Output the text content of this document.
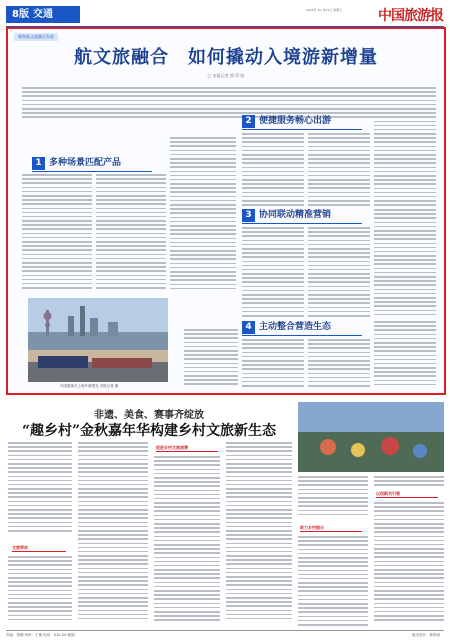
8版 交通	2025年 10 月31日 星期五	中国旅游报
聚焦航文旅融合发展
航文旅融合　如何撬动入境游新增量
□ 本报记者 徐 印 同
1 多种场景匹配产品
2 便捷服务畅心出游
3 协同联动精准营销
4 主动整合营造生态
外国游客在上海外滩观光 本报记者 摄
非遗、美食、赛事齐绽放
“趣乡村”金秋嘉年华构建乡村文旅新生态
文旅带动
促进乡村文旅消费
助力乡村振兴
以创新为引领
责编：张顺 终审：王敏 电话：010-XX 邮箱：	版式设计：林锦涛
